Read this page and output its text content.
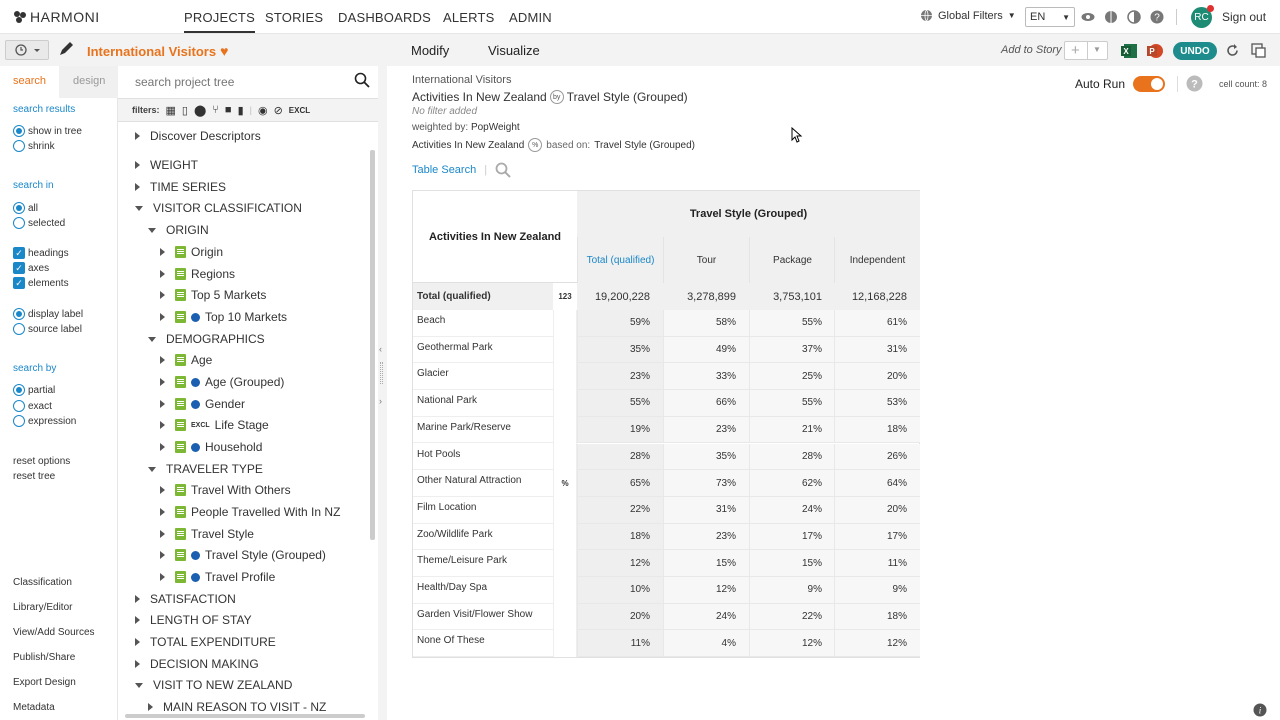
HARMONI	PROJECTS STORIES DASHBOARDS ALERTS ADMIN	Global Filters ▼ EN ▼	?	RC Sign out
International Visitors ♥	Modify	Visualize	Add to Story + ▼	X	P	UNDO
search design
search results
show in tree
shrink
search in
all
selected
✓ headings
✓ axes
✓ elements
display label
source label
search by
partial
exact
expression
reset options
reset tree
Classification
Library/Editor
View/Add Sources
Publish/Share
Export Design
Metadata
search project tree
filters: ▦ ▯ ⬤ ⑂ ■ ▮ | ◉ ⊘ EXCL
Discover Descriptors
WEIGHT
TIME SERIES
VISITOR CLASSIFICATION
ORIGIN
Origin
Regions
Top 5 Markets
Top 10 Markets
DEMOGRAPHICS
Age
Age (Grouped)
Gender
EXCL Life Stage
Household
TRAVELER TYPE
Travel With Others
People Travelled With In NZ
Travel Style
Travel Style (Grouped)
Travel Profile
SATISFACTION
LENGTH OF STAY
TOTAL EXPENDITURE
DECISION MAKING
VISIT TO NEW ZEALAND
MAIN REASON TO VISIT - NZ
‹
›
International Visitors
Activities In New Zealand by Travel Style (Grouped)
No filter added
weighted by: PopWeight
Activities In New Zealand	% based on: Travel Style (Grouped)
Table Search |
Auto Run	? cell count: 8
Activities In New Zealand
Travel Style (Grouped)
Total (qualified)	Tour	Package	Independent
Total (qualified)	123	19,200,228	3,278,899	3,753,101	12,168,228
%
Beach	59%	58%	55%	61%
Geothermal Park	35%	49%	37%	31%
Glacier	23%	33%	25%	20%
National Park	55%	66%	55%	53%
Marine Park/Reserve	19%	23%	21%	18%
Hot Pools	28%	35%	28%	26%
Other Natural Attraction	65%	73%	62%	64%
Film Location	22%	31%	24%	20%
Zoo/Wildlife Park	18%	23%	17%	17%
Theme/Leisure Park	12%	15%	15%	11%
Health/Day Spa	10%	12%	9%	9%
Garden Visit/Flower Show	20%	24%	22%	18%
None Of These	11%	4%	12%	12%
i
